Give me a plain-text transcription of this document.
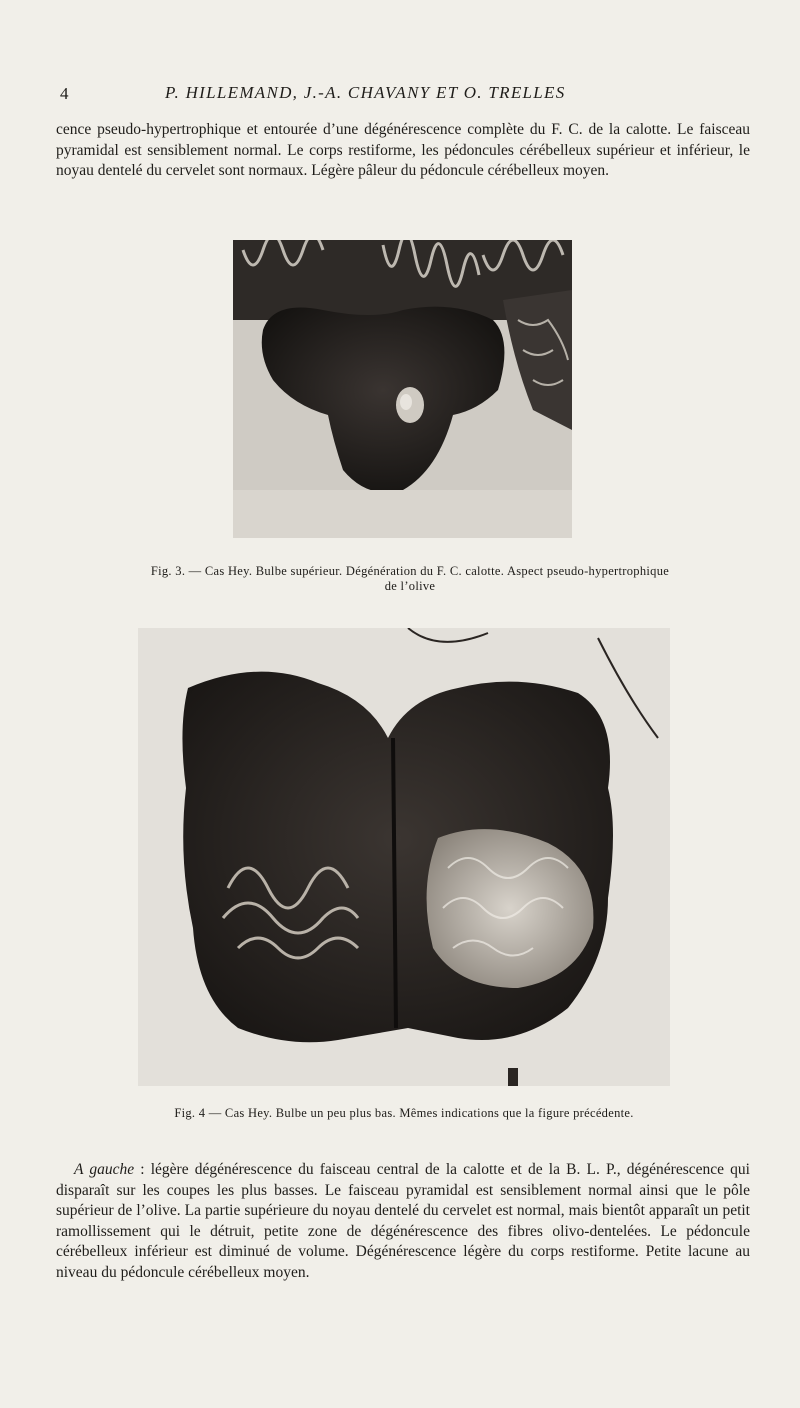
4	P. HILLEMAND, J.-A. CHAVANY ET O. TRELLES

cence pseudo-hypertrophique et entourée d’une dégénérescence complète du F. C. de la calotte. Le faisceau pyramidal est sensiblement normal. Le corps restiforme, les pédoncules cérébelleux supérieur et inférieur, le noyau dentelé du cervelet sont normaux. Légère pâleur du pédoncule cérébelleux moyen.

Fig. 3. — Cas Hey. Bulbe supérieur. Dégénération du F. C. calotte. Aspect pseudo-hypertrophique
de l’olive
Fig. 4 — Cas Hey. Bulbe un peu plus bas. Mêmes indications que la figure précédente.

A gauche : légère dégénérescence du faisceau central de la calotte et de la B. L. P., dégénérescence qui disparaît sur les coupes les plus basses. Le faisceau pyramidal est sensiblement normal ainsi que le pôle supérieur de l’olive. La partie supérieure du noyau dentelé du cervelet est normal, mais bientôt apparaît un petit ramollissement qui le détruit, petite zone de dégénérescence des fibres olivo-dentelées. Le pédoncule cérébelleux inférieur est diminué de volume. Dégénérescence légère du corps restiforme. Petite lacune au niveau du pédoncule cérébelleux moyen.
